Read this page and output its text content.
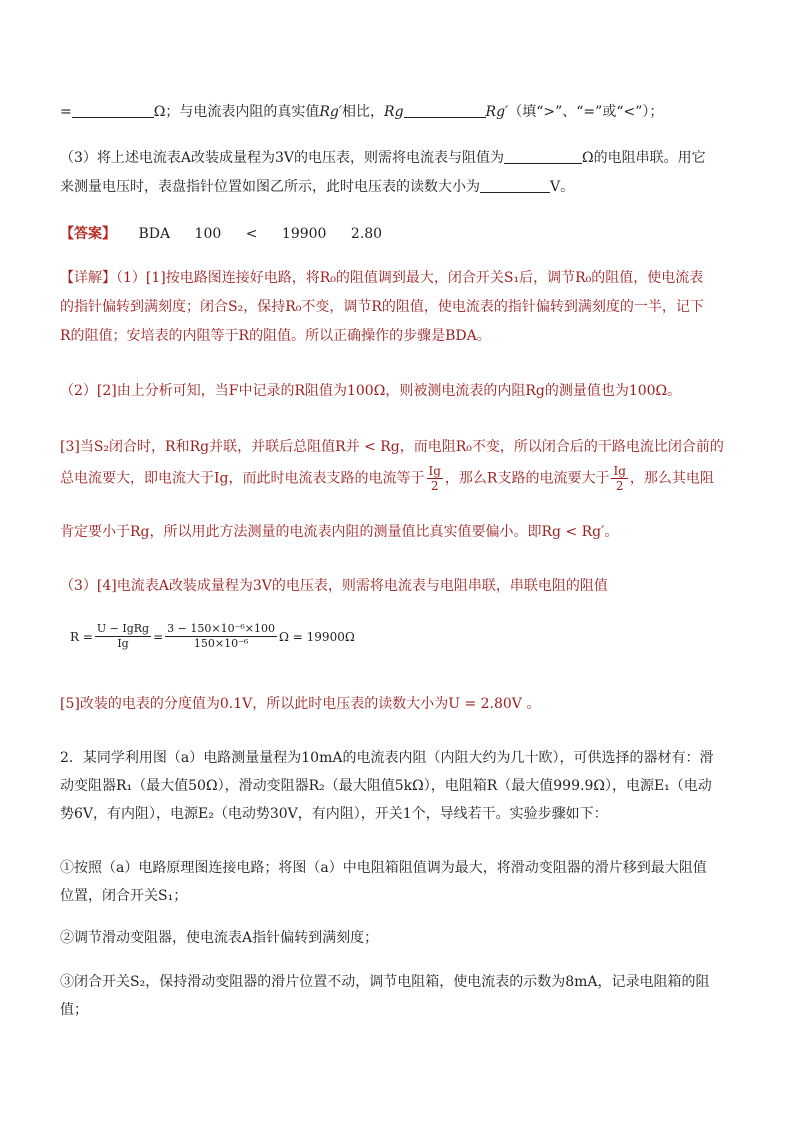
=	Ω；与电流表内阻的真实值Rg′相比，Rg	Rg′（填“>”、“=”或“<”）；
（3）将上述电流表A改装成量程为3V的电压表，则需将电流表与阻值为	Ω的电阻串联。用它
来测量电压时，表盘指针位置如图乙所示，此时电压表的读数大小为	V。
【答案】 BDA 100 < 19900 2.80
【详解】（1）[1]按电路图连接好电路，将R₀的阻值调到最大，闭合开关S₁后，调节R₀的阻值，使电流表
的指针偏转到满刻度；闭合S₂，保持R₀不变，调节R的阻值，使电流表的指针偏转到满刻度的一半，记下
R的阻值；安培表的内阻等于R的阻值。所以正确操作的步骤是BDA。
（2）[2]由上分析可知，当F中记录的R阻值为100Ω，则被测电流表的内阻Rg的测量值也为100Ω。
[3]当S₂闭合时，R和Rg并联，并联后总阻值R并 < Rg，而电阻R₀不变，所以闭合后的干路电流比闭合前的
总电流要大，即电流大于Ig，而此时电流表支路的电流等于 $\frac{Ig}{2}$ ，那么R支路的电流要大于 $\frac{Ig}{2}$ ，那么其电阻
肯定要小于Rg，所以用此方法测量的电流表内阻的测量值比真实值要偏小。即Rg < Rg′。
（3）[4]电流表A改装成量程为3V的电压表，则需将电流表与电阻串联，串联电阻的阻值
$R = \frac{\text{U − IgRg}}{Ig} = \frac{\text{3 − 150×10⁻⁶×100}}{\text{150×10⁻⁶}}$ Ω = 19900Ω
[5]改装的电表的分度值为0.1V，所以此时电压表的读数大小为U = 2.80V 。
2．某同学利用图（a）电路测量量程为10mA的电流表内阻（内阻大约为几十欧），可供选择的器材有：滑
动变阻器R₁（最大值50Ω），滑动变阻器R₂（最大阻值5kΩ），电阻箱R（最大值999.9Ω），电源E₁（电动
势6V，有内阻），电源E₂（电动势30V，有内阻），开关1个，导线若干。实验步骤如下：
①按照（a）电路原理图连接电路；将图（a）中电阻箱阻值调为最大，将滑动变阻器的滑片移到最大阻值
位置，闭合开关S₁；
②调节滑动变阻器，使电流表A指针偏转到满刻度；
③闭合开关S₂，保持滑动变阻器的滑片位置不动，调节电阻箱，使电流表的示数为8mA，记录电阻箱的阻
值；
